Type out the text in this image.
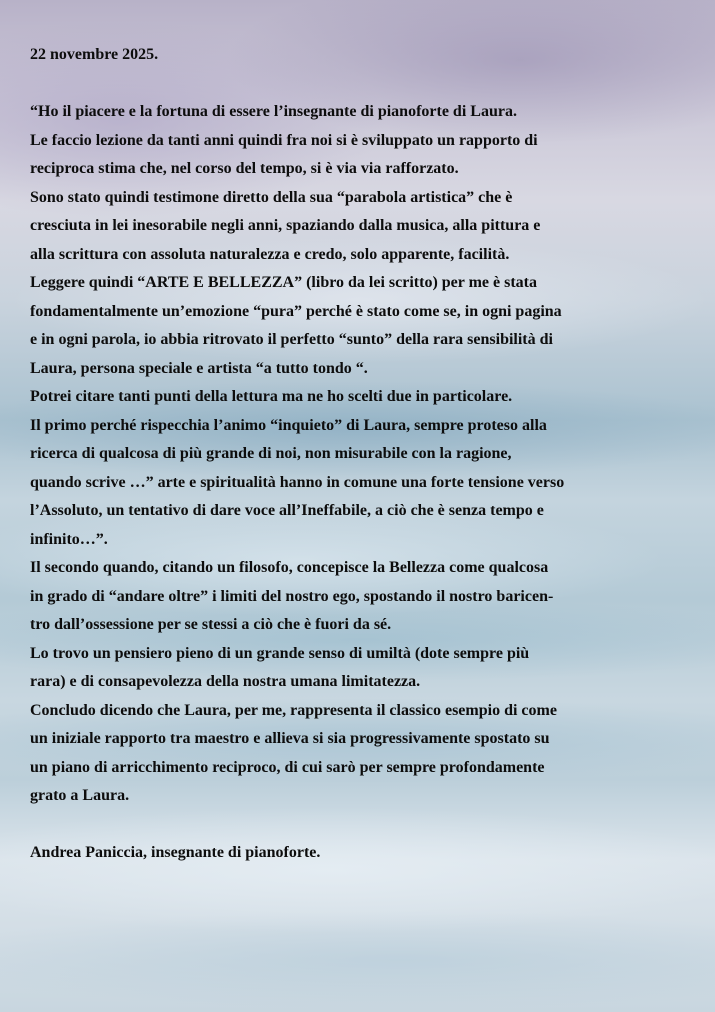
22 novembre 2025.

“Ho il piacere e la fortuna di essere l’insegnante di pianoforte di Laura.

Le faccio lezione da tanti anni quindi fra noi si è sviluppato un rapporto di

reciproca stima che, nel corso del tempo, si è via via rafforzato.

Sono stato quindi testimone diretto della sua “parabola artistica” che è

cresciuta in lei inesorabile negli anni, spaziando dalla musica, alla pittura e

alla scrittura con assoluta naturalezza e credo, solo apparente, facilità.

Leggere quindi “ARTE E BELLEZZA” (libro da lei scritto) per me è stata

fondamentalmente un’emozione “pura” perché è stato come se, in ogni pagina

e in ogni parola, io abbia ritrovato il perfetto “sunto” della rara sensibilità di

Laura, persona speciale e artista “a tutto tondo “.

Potrei citare tanti punti della lettura ma ne ho scelti due in particolare.

Il primo perché rispecchia l’animo “inquieto” di Laura, sempre proteso alla

ricerca di qualcosa di più grande di noi, non misurabile con la ragione,

quando scrive …” arte e spiritualità hanno in comune una forte tensione verso

l’Assoluto, un tentativo di dare voce all’Ineffabile, a ciò che è senza tempo e

infinito…”.

Il secondo quando, citando un filosofo, concepisce la Bellezza come qualcosa

in grado di “andare oltre” i limiti del nostro ego, spostando il nostro baricen-

tro dall’ossessione per se stessi a ciò che è fuori da sé.

Lo trovo un pensiero pieno di un grande senso di umiltà (dote sempre più

rara) e di consapevolezza della nostra umana limitatezza.

Concludo dicendo che Laura, per me, rappresenta il classico esempio di come

un iniziale rapporto tra maestro e allieva si sia progressivamente spostato su

un piano di arricchimento reciproco, di cui sarò per sempre profondamente

grato a Laura.

Andrea Paniccia, insegnante di pianoforte.
